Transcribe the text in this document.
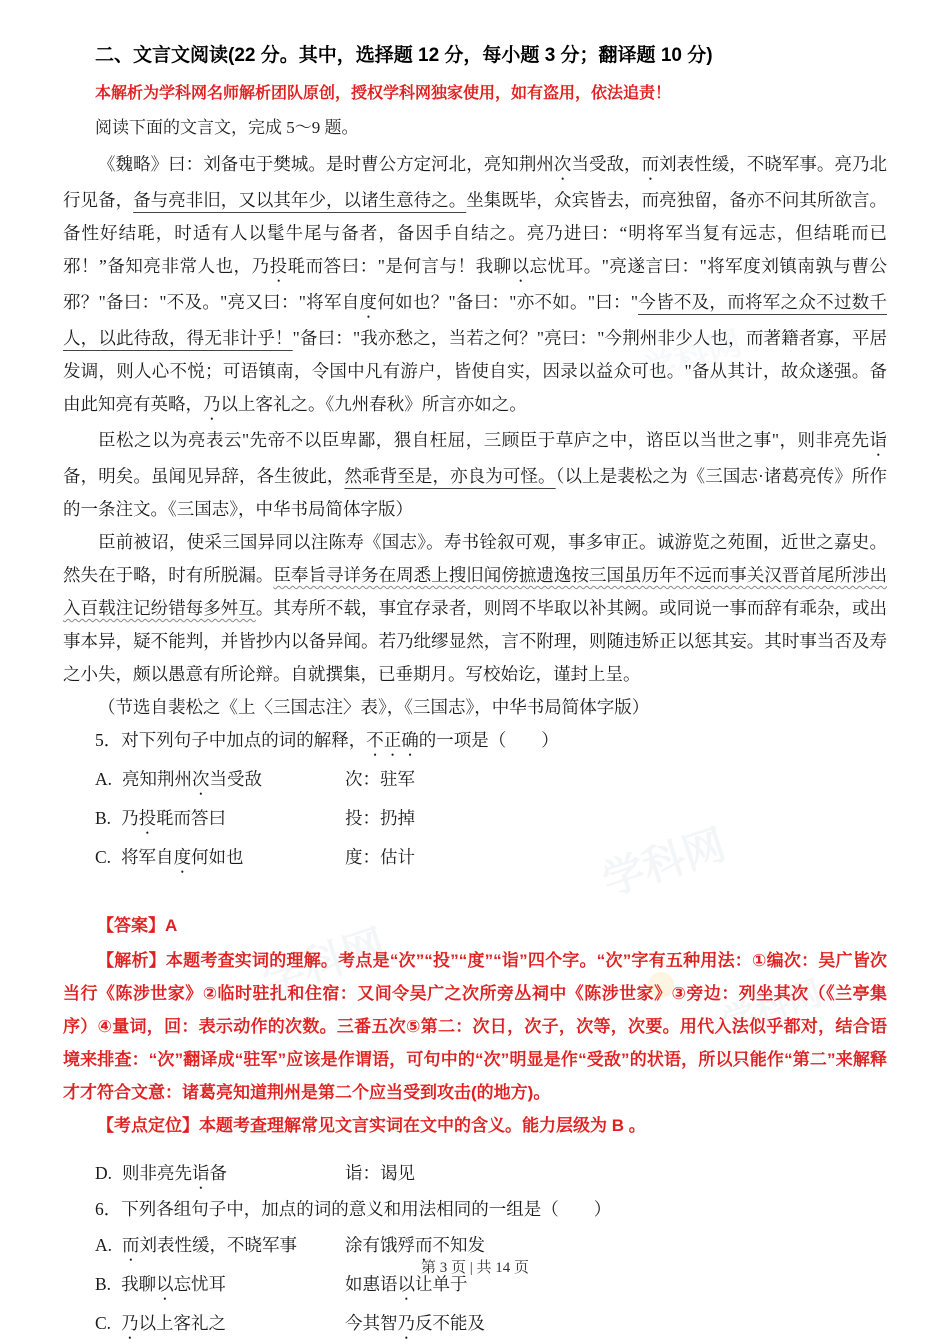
二、文言文阅读(22 分。其中，选择题 12 分，每小题 3 分；翻译题 10 分)
本解析为学科网名师解析团队原创，授权学科网独家使用，如有盗用，依法追责！
阅读下面的文言文，完成 5～9 题。

《魏略》曰：刘备屯于樊城。是时曹公方定河北，亮知荆州次当受敌，而刘表性缓，不晓军事。亮乃北行见备，备与亮非旧，又以其年少，以诸生意待之。坐集既毕，众宾皆去，而亮独留，备亦不问其所欲言。备性好结毦，时适有人以髦牛尾与备者，备因手自结之。亮乃进曰：“明将军当复有远志，但结毦而已邪！”备知亮非常人也，乃投毦而答曰："是何言与！我聊以忘忧耳。"亮遂言曰："将军度刘镇南孰与曹公邪？"备曰："不及。"亮又曰："将军自度何如也？"备曰："亦不如。"曰："今皆不及，而将军之众不过数千人，以此待敌，得无非计乎！"备曰："我亦愁之，当若之何？"亮曰："今荆州非少人也，而著籍者寡，平居发调，则人心不悦；可语镇南，令国中凡有游户，皆使自实，因录以益众可也。"备从其计，故众遂强。备由此知亮有英略，乃以上客礼之。《九州春秋》所言亦如之。

臣松之以为亮表云"先帝不以臣卑鄙，猥自枉屈，三顾臣于草庐之中，谘臣以当世之事"，则非亮先诣备，明矣。虽闻见异辞，各生彼此，然乖背至是，亦良为可怪。（以上是裴松之为《三国志·诸葛亮传》所作的一条注文。《三国志》，中华书局简体字版）

臣前被诏，使采三国异同以注陈寿《国志》。寿书铨叙可观，事多审正。诚游览之苑囿，近世之嘉史。然失在于略，时有所脱漏。臣奉旨寻详务在周悉上搜旧闻傍摭遗逸按三国虽历年不远而事关汉晋首尾所涉出入百载注记纷错每多舛互。其寿所不载，事宜存录者，则罔不毕取以补其阙。或同说一事而辞有乖杂，或出事本异，疑不能判，并皆抄内以备异闻。若乃纰缪显然，言不附理，则随违矫正以惩其妄。其时事当否及寿之小失，颇以愚意有所论辩。自就撰集，已垂期月。写校始讫，谨封上呈。

（节选自裴松之《上〈三国志注〉表》，《三国志》，中华书局简体字版）

5．对下列句子中加点的词的解释，不正确的一项是（　　）

A. 亮知荆州次当受敌	次：驻军
B. 乃投毦而答曰	投：扔掉
C. 将军自度何如也	度：估计

【答案】A

【解析】本题考查实词的理解。考点是“次”“投”“度”“诣”四个字。“次”字有五种用法：①编次：吴广皆次当行《陈涉世家》②临时驻扎和住宿：又间令吴广之次所旁丛祠中《陈涉世家》③旁边：列坐其次（《兰亭集序）④量词，回：表示动作的次数。三番五次⑤第二：次日，次子，次等，次要。用代入法似乎都对，结合语境来排查：“次”翻译成“驻军”应该是作谓语，可句中的“次”明显是作“受敌”的状语，所以只能作“第二”来解释才才符合文意：诸葛亮知道荆州是第二个应当受到攻击(的地方)。

【考点定位】本题考查理解常见文言实词在文中的含义。能力层级为 B 。

D. 则非亮先诣备	诣：谒见

6．下列各组句子中，加点的词的意义和用法相同的一组是（　　）

A. 而刘表性缓，不晓军事	涂有饿殍而不知发
B. 我聊以忘忧耳	如惠语以让单于
C. 乃以上客礼之	今其智乃反不能及
学科网
学科网
学科网
第 3 页 | 共 14 页
